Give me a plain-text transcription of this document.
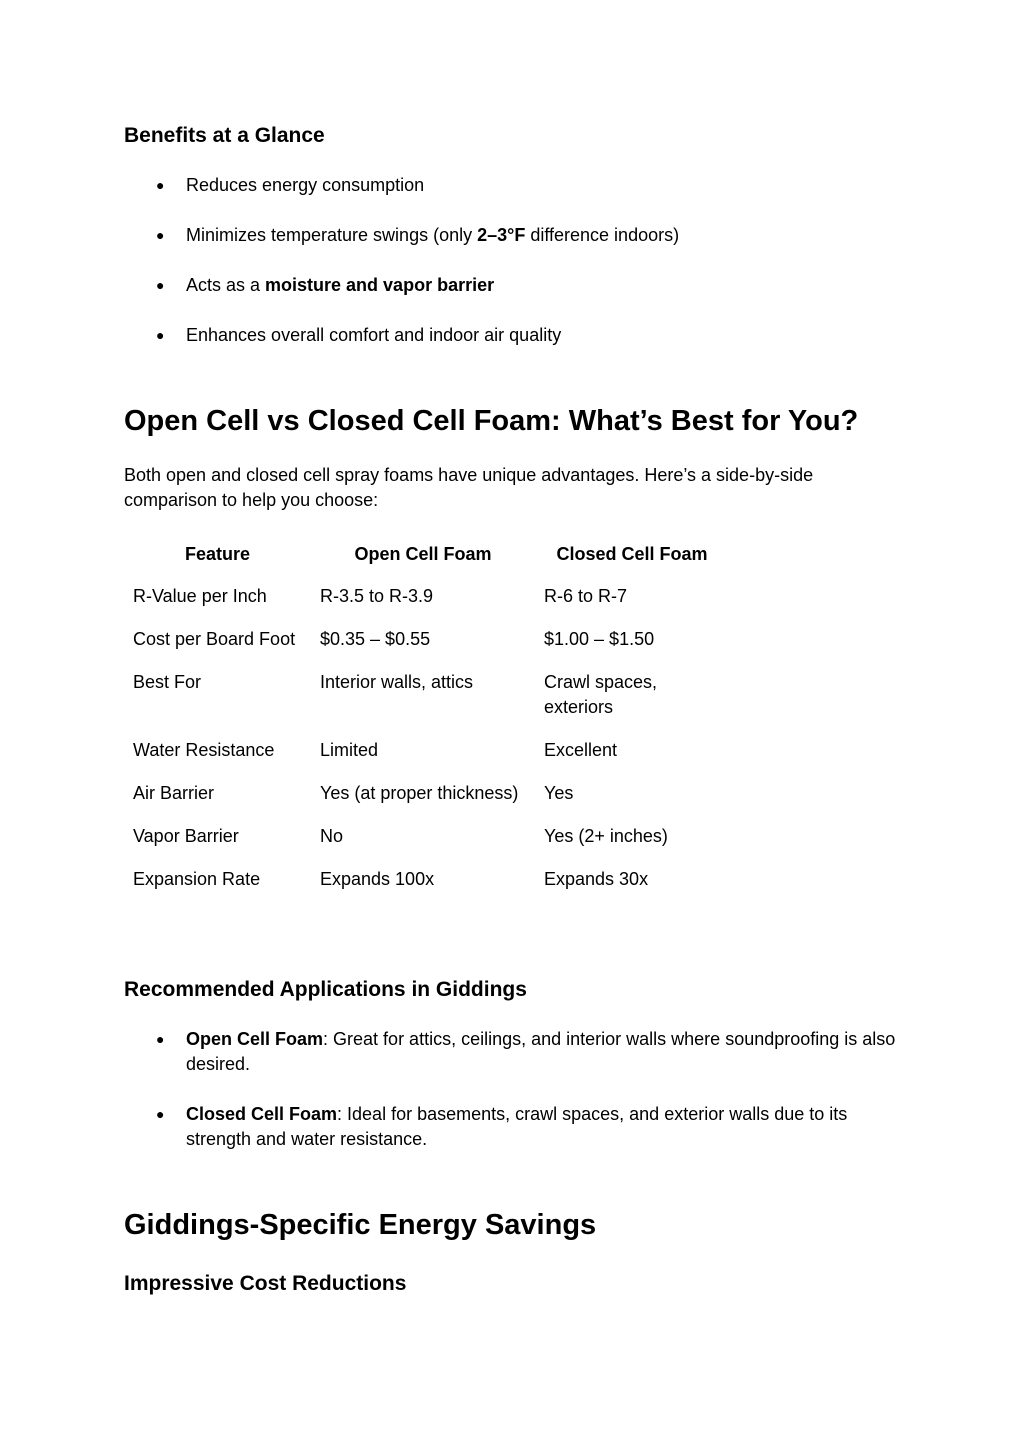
Benefits at a Glance
● Reduces energy consumption
● Minimizes temperature swings (only 2–3°F difference indoors)
● Acts as a moisture and vapor barrier
● Enhances overall comfort and indoor air quality
Open Cell vs Closed Cell Foam: What’s Best for You?

Both open and closed cell spray foams have unique advantages. Here’s a side-by-side comparison to help you choose:

Feature	Open Cell Foam	Closed Cell Foam
R-Value per Inch	R-3.5 to R-3.9	R-6 to R-7
Cost per Board Foot	$0.35 – $0.55	$1.00 – $1.50
Best For	Interior walls, attics	Crawl spaces, exteriors
Water Resistance	Limited	Excellent
Air Barrier	Yes (at proper thickness)	Yes
Vapor Barrier	No	Yes (2+ inches)
Expansion Rate	Expands 100x	Expands 30x
Recommended Applications in Giddings
● Open Cell Foam: Great for attics, ceilings, and interior walls where soundproofing is also desired.
● Closed Cell Foam: Ideal for basements, crawl spaces, and exterior walls due to its strength and water resistance.
Giddings-Specific Energy Savings
Impressive Cost Reductions
